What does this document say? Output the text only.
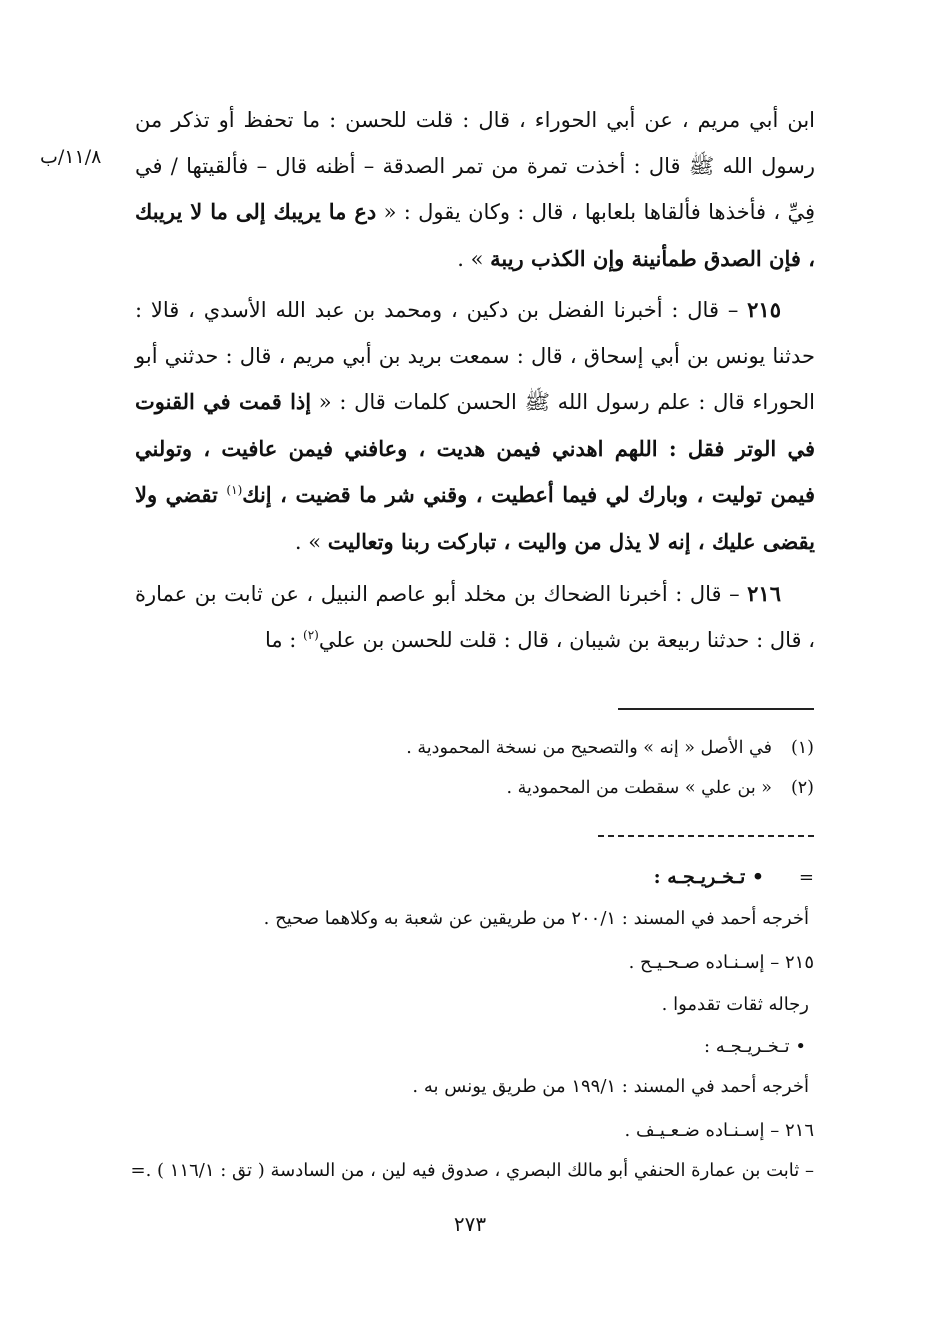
١١/٨/ب

ابن أبي مريم ، عن أبي الحوراء ، قال : قلت للحسن : ما تحفظ أو تذكر من رسول الله ﷺ قال : أخذت تمرة من تمر الصدقة – أظنه قال – فألقيتها / في فِيِّ ، فأخذها فألقاها بلعابها ، قال : وكان يقول : « دع ما يريبك إلى ما لا يريبك ، فإن الصدق طمأنينة وإن الكذب ريبة » .

٢١٥ – قال : أخبرنا الفضل بن دكين ، ومحمد بن عبد الله الأسدي ، قالا : حدثنا يونس بن أبي إسحاق ، قال : سمعت بريد بن أبي مريم ، قال : حدثني أبو الحوراء قال : علم رسول الله ﷺ الحسن كلمات قال : « إذا قمت في القنوت في الوتر فقل : اللهم اهدني فيمن هديت ، وعافني فيمن عافيت ، وتولني فيمن توليت ، وبارك لي فيما أعطيت ، وقني شر ما قضيت ، إنك$^{(١)}$ تقضي ولا يقضى عليك ، إنه لا يذل من واليت ، تباركت ربنا وتعاليت » .

٢١٦ – قال : أخبرنا الضحاك بن مخلد أبو عاصم النبيل ، عن ثابت بن عمارة ، قال : حدثنا ربيعة بن شيبان ، قال : قلت للحسن بن علي$^{(٢)}$ : ما

(١)في الأصل « إنه » والتصحيح من نسخة المحمودية .
(٢)« بن علي » سقطت من المحمودية .
=• تـخـريـجـه :
أخرجه أحمد في المسند : ٢٠٠/١ من طريقين عن شعبة به وكلاهما صحيح .
٢١٥ – إسـنـاده صـحـيـح .
رجاله ثقات تقدموا .
• تـخـريـجـه :
أخرجه أحمد في المسند : ١٩٩/١ من طريق يونس به .
٢١٦ – إسـنـاده ضـعـيـف .
– ثابت بن عمارة الحنفي أبو مالك البصري ، صدوق فيه لين ، من السادسة ( تق : ١١٦/١ ) .=
٢٧٣
